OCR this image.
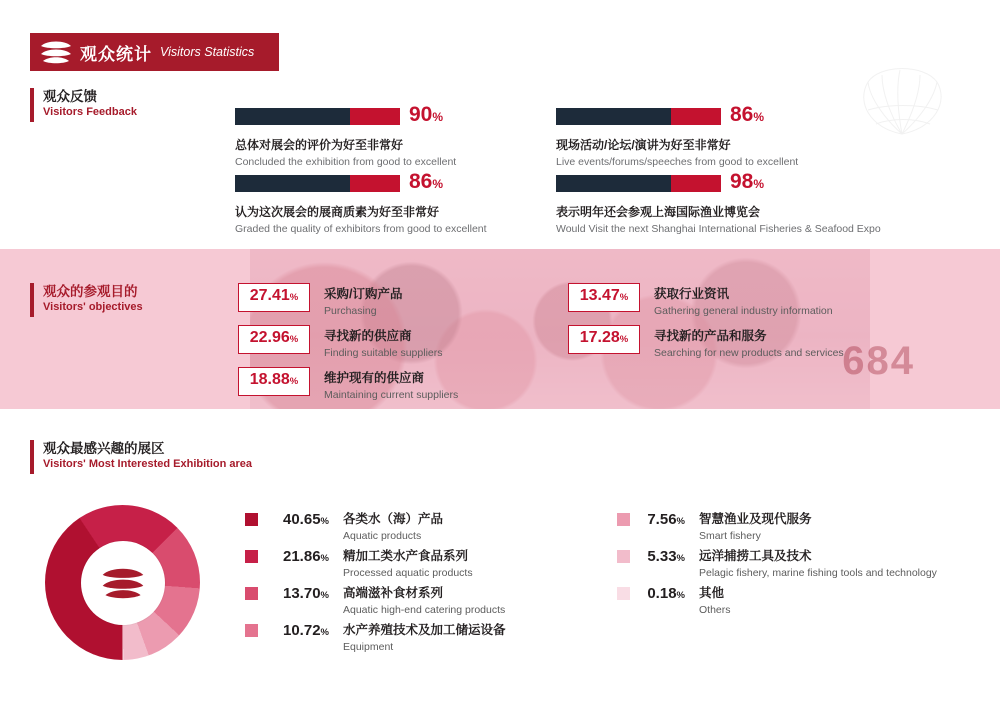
观众统计 Visitors Statistics
观众反馈
Visitors Feedback	90%
总体对展会的评价为好至非常好
Concluded the exhibition from good to excellent
86%
现场活动/论坛/演讲为好至非常好
Live events/forums/speeches from good to excellent
86%
认为这次展会的展商质素为好至非常好
Graded the quality of exhibitors from good to excellent
98%
表示明年还会参观上海国际渔业博览会
Would Visit the next Shanghai International Fisheries & Seafood Expo
684
观众的参观目的
Visitors' objectives
27.41%	采购/订购产品
Purchasing
22.96%	寻找新的供应商
Finding suitable suppliers
18.88%	维护现有的供应商
Maintaining current suppliers
13.47%	获取行业资讯
Gathering general industry information
17.28%	寻找新的产品和服务
Searching for new products and services
观众最感兴趣的展区
Visitors' Most Interested Exhibition area
40.65% 各类水（海）产品
Aquatic products
21.86% 精加工类水产食品系列
Processed aquatic products
13.70% 高端滋补食材系列
Aquatic high-end catering products
10.72% 水产养殖技术及加工储运设备
Equipment
7.56% 智慧渔业及现代服务
Smart fishery
5.33% 远洋捕捞工具及技术
Pelagic fishery, marine fishing tools and technology
0.18% 其他
Others
